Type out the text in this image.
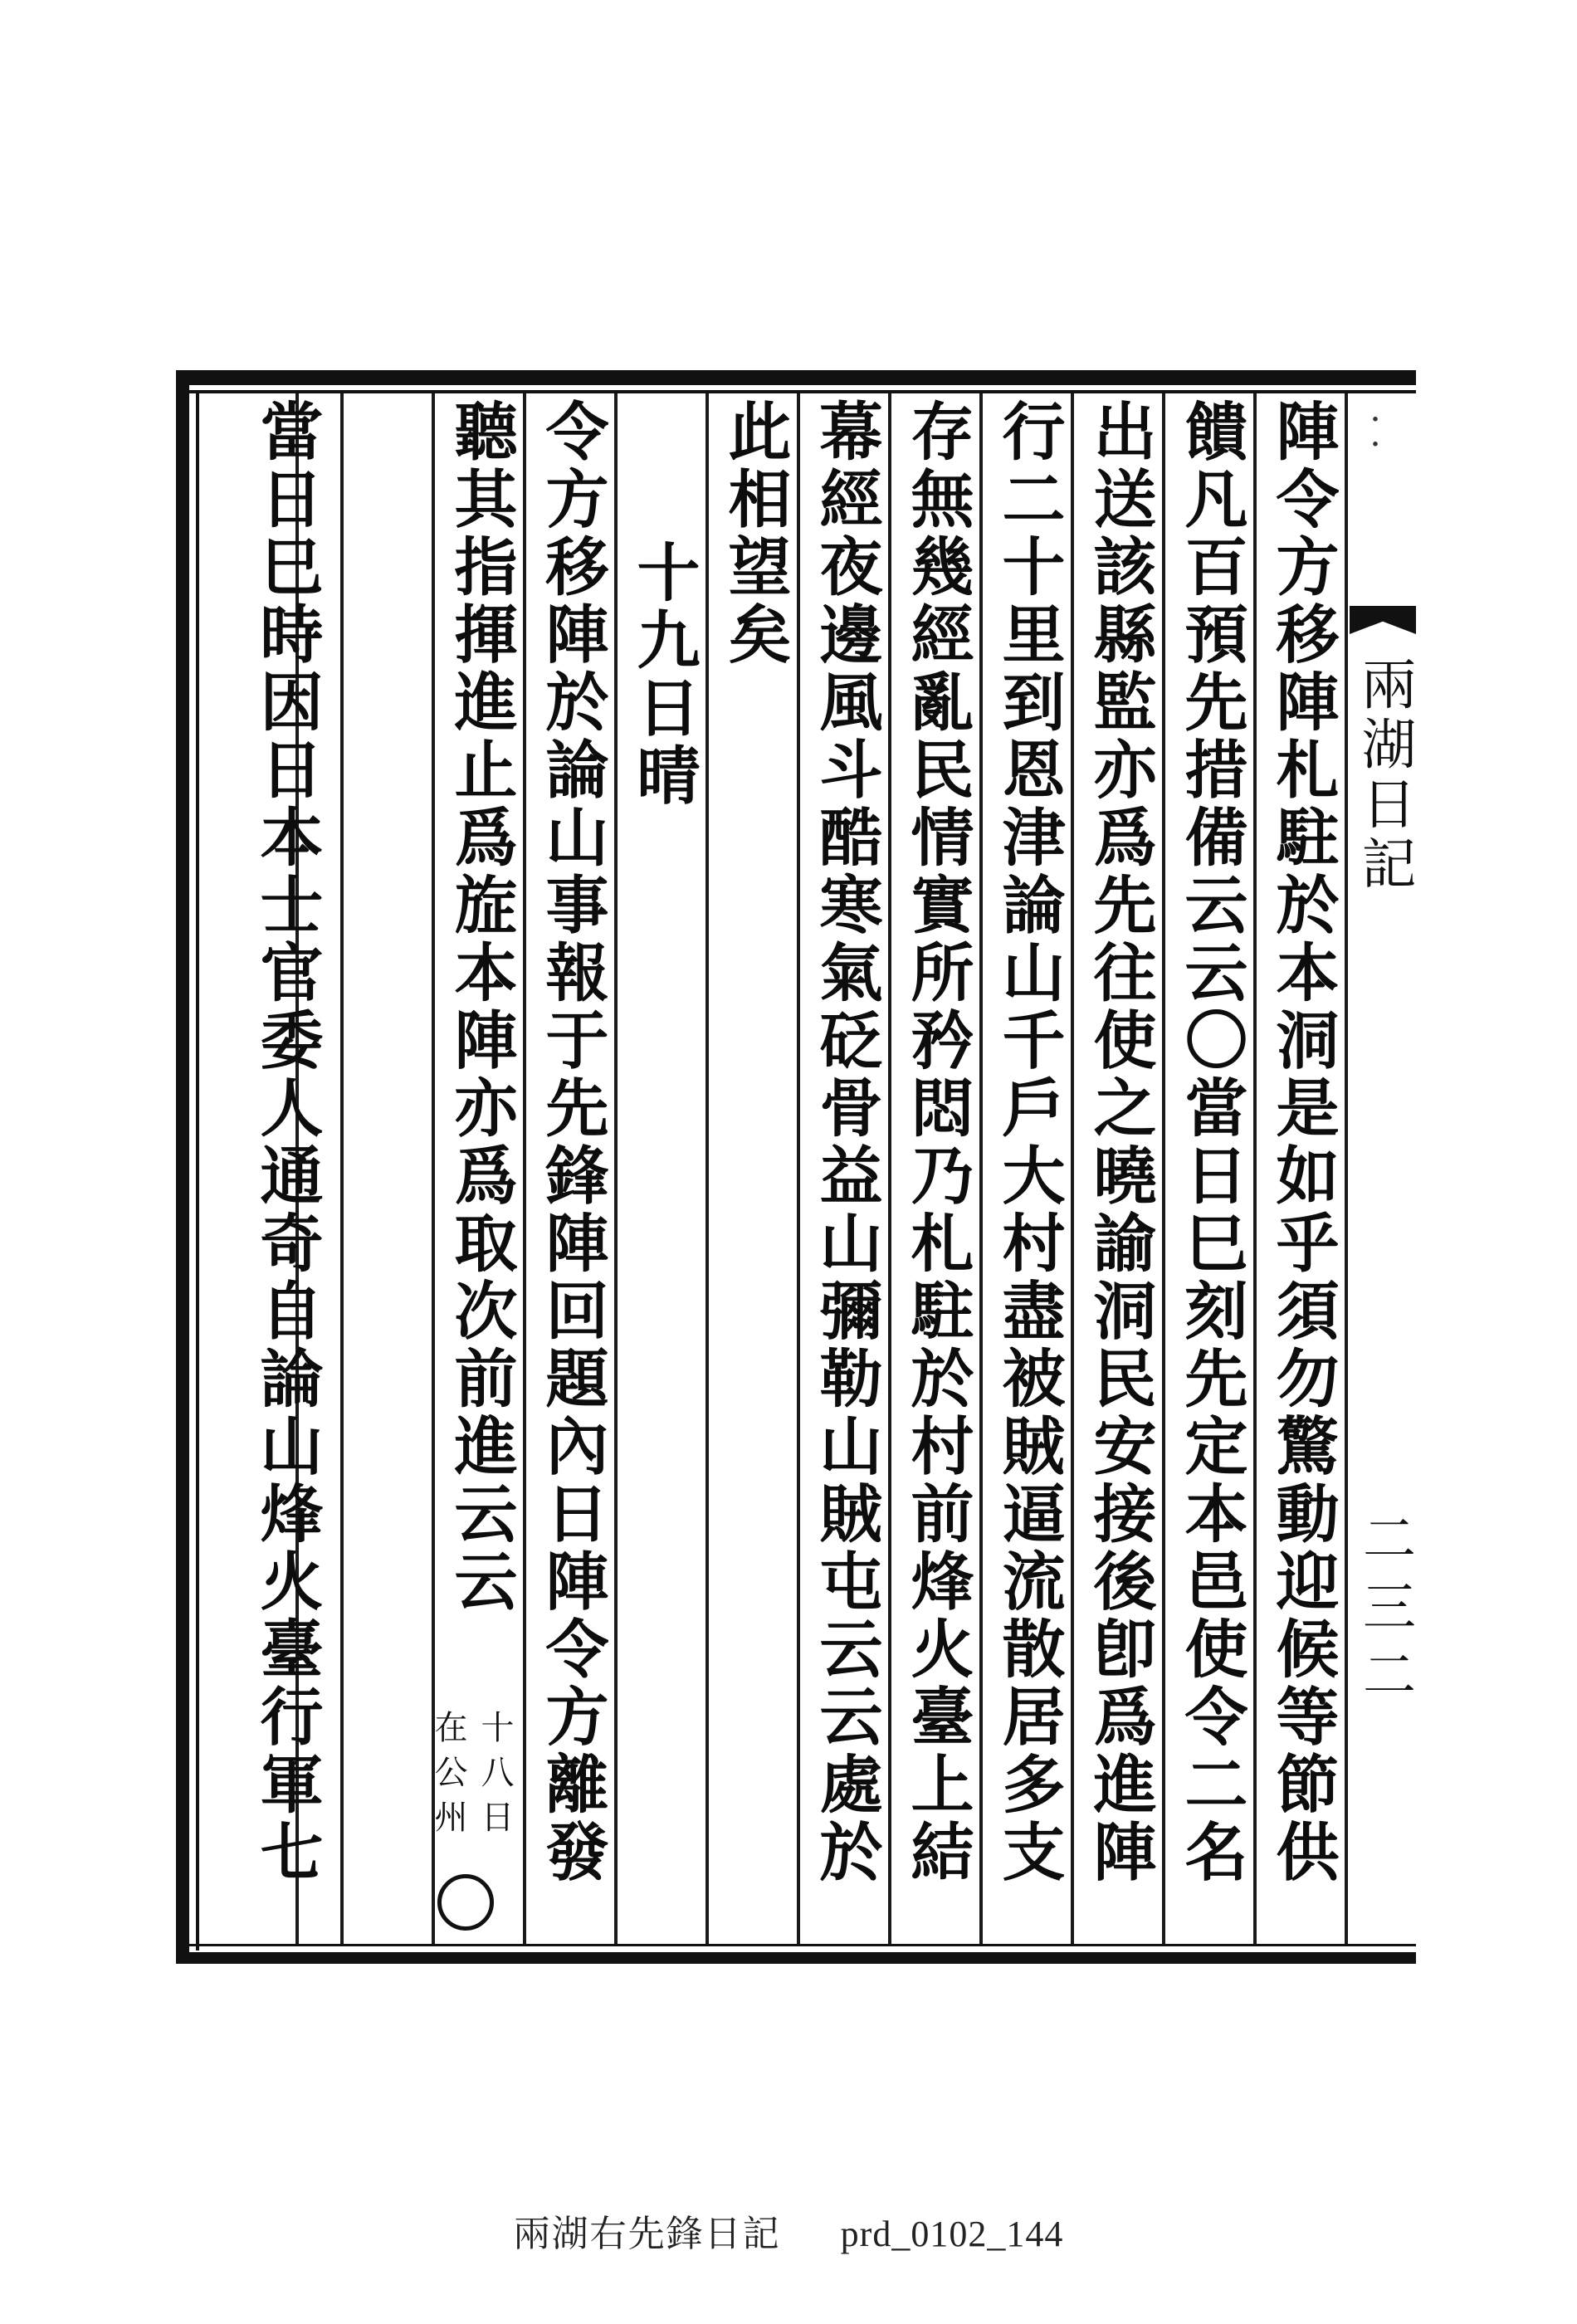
・・
兩湖日記
二三二
陣令方移陣札駐於本洞是如乎須勿驚動迎候等節供
饋凡百預先措備云云〇當日巳刻先定本邑使令二名
出送該縣監亦爲先往使之曉諭洞民安接後卽爲進陣
行二十里到恩津論山千戶大村盡被賊逼流散居多支
存無幾經亂民情實所矜悶乃札駐於村前烽火臺上結
幕經夜邊風斗酷寒氣砭骨益山彌勒山賊屯云云處於
此相望矣
十九日晴
令方移陣於論山事報于先鋒陣回題內日陣令方離發
聽其指揮進止爲㫌本陣亦爲取次前進云云
十八日
在公州
當日巳時因日本士官委人通奇自論山烽火臺行軍七
兩湖右先鋒日記 prd_0102_144
